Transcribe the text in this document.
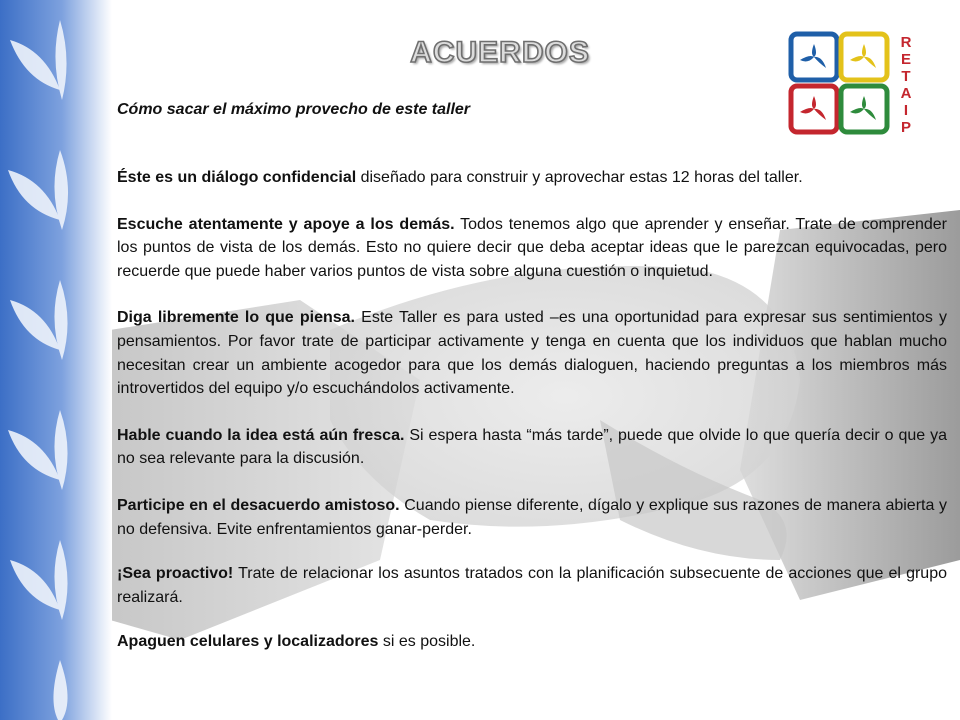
ACUERDOS	R
E
T
A
I
P
Cómo sacar el máximo provecho de este taller

Éste es un diálogo confidencial diseñado para construir y aprovechar estas 12 horas del taller.

Escuche atentamente y apoye a los demás. Todos tenemos algo que aprender y enseñar. Trate de comprender los puntos de vista de los demás. Esto no quiere decir que deba aceptar ideas que le parezcan equivocadas, pero recuerde que puede haber varios puntos de vista sobre alguna cuestión o inquietud.

Diga libremente lo que piensa. Este Taller es para usted –es una oportunidad para expresar sus sentimientos y pensamientos. Por favor trate de participar activamente y tenga en cuenta que los individuos que hablan mucho necesitan crear un ambiente acogedor para que los demás dialoguen, haciendo preguntas a los miembros más introvertidos del equipo y/o escuchándolos activamente.

Hable cuando la idea está aún fresca. Si espera hasta “más tarde”, puede que olvide lo que quería decir o que ya no sea relevante para la discusión.

Participe en el desacuerdo amistoso. Cuando piense diferente, dígalo y explique sus razones de manera abierta y no defensiva. Evite enfrentamientos ganar-perder.

¡Sea proactivo! Trate de relacionar los asuntos tratados con la planificación subsecuente de acciones que el grupo realizará.

Apaguen celulares y localizadores si es posible.
